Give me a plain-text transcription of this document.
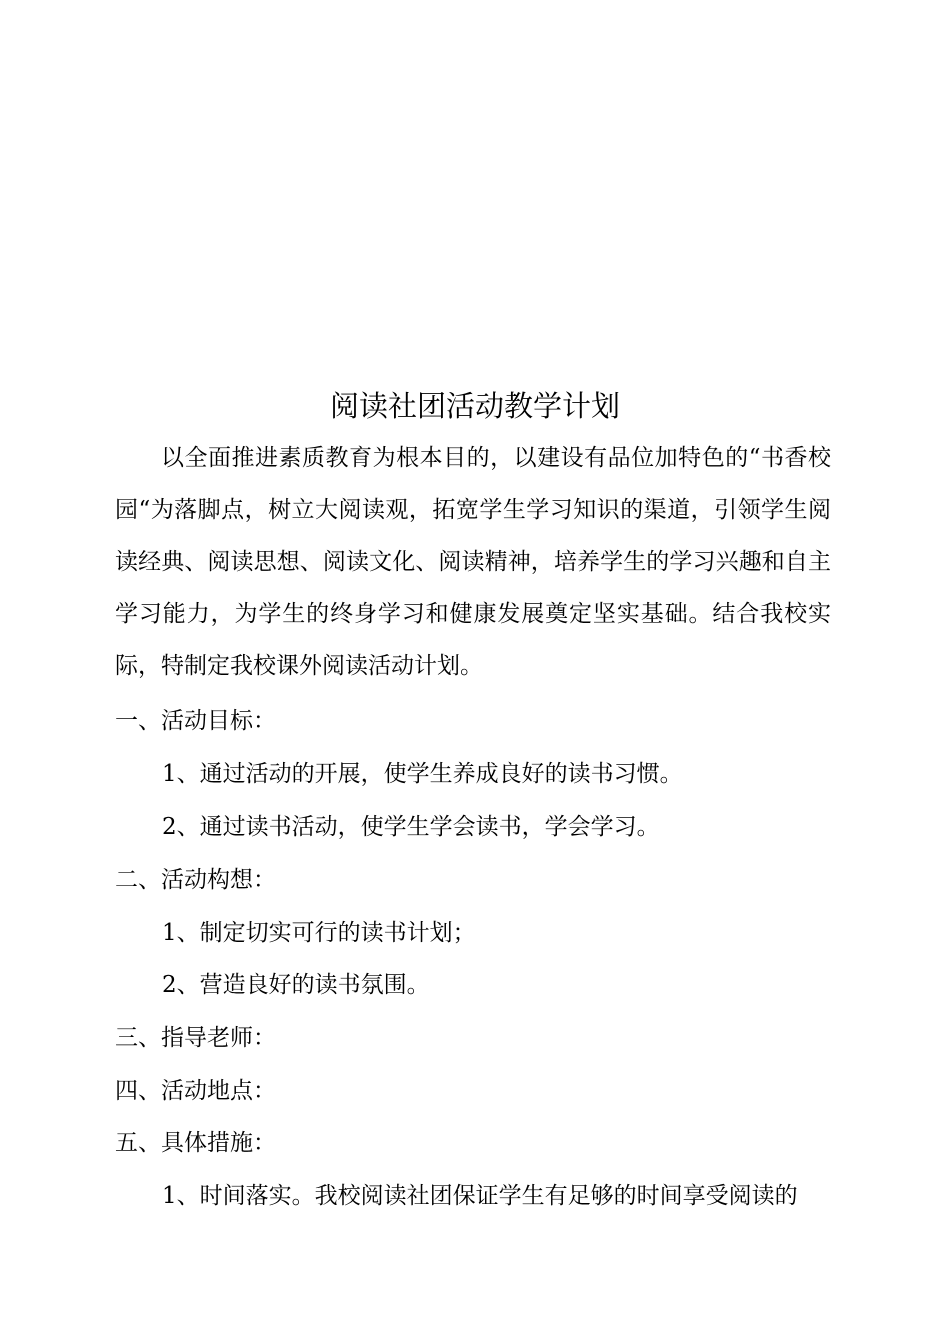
阅读社团活动教学计划
以全面推进素质教育为根本目的，以建设有品位加特色的“书香校园“为落脚点，树立大阅读观，拓宽学生学习知识的渠道，引领学生阅读经典、阅读思想、阅读文化、阅读精神，培养学生的学习兴趣和自主学习能力，为学生的终身学习和健康发展奠定坚实基础。结合我校实际，特制定我校课外阅读活动计划。
一、活动目标：
1、通过活动的开展，使学生养成良好的读书习惯。
2、通过读书活动，使学生学会读书，学会学习。
二、活动构想：
1、制定切实可行的读书计划；
2、营造良好的读书氛围。
三、指导老师：
四、活动地点：
五、具体措施：
1、时间落实。我校阅读社团保证学生有足够的时间享受阅读的
